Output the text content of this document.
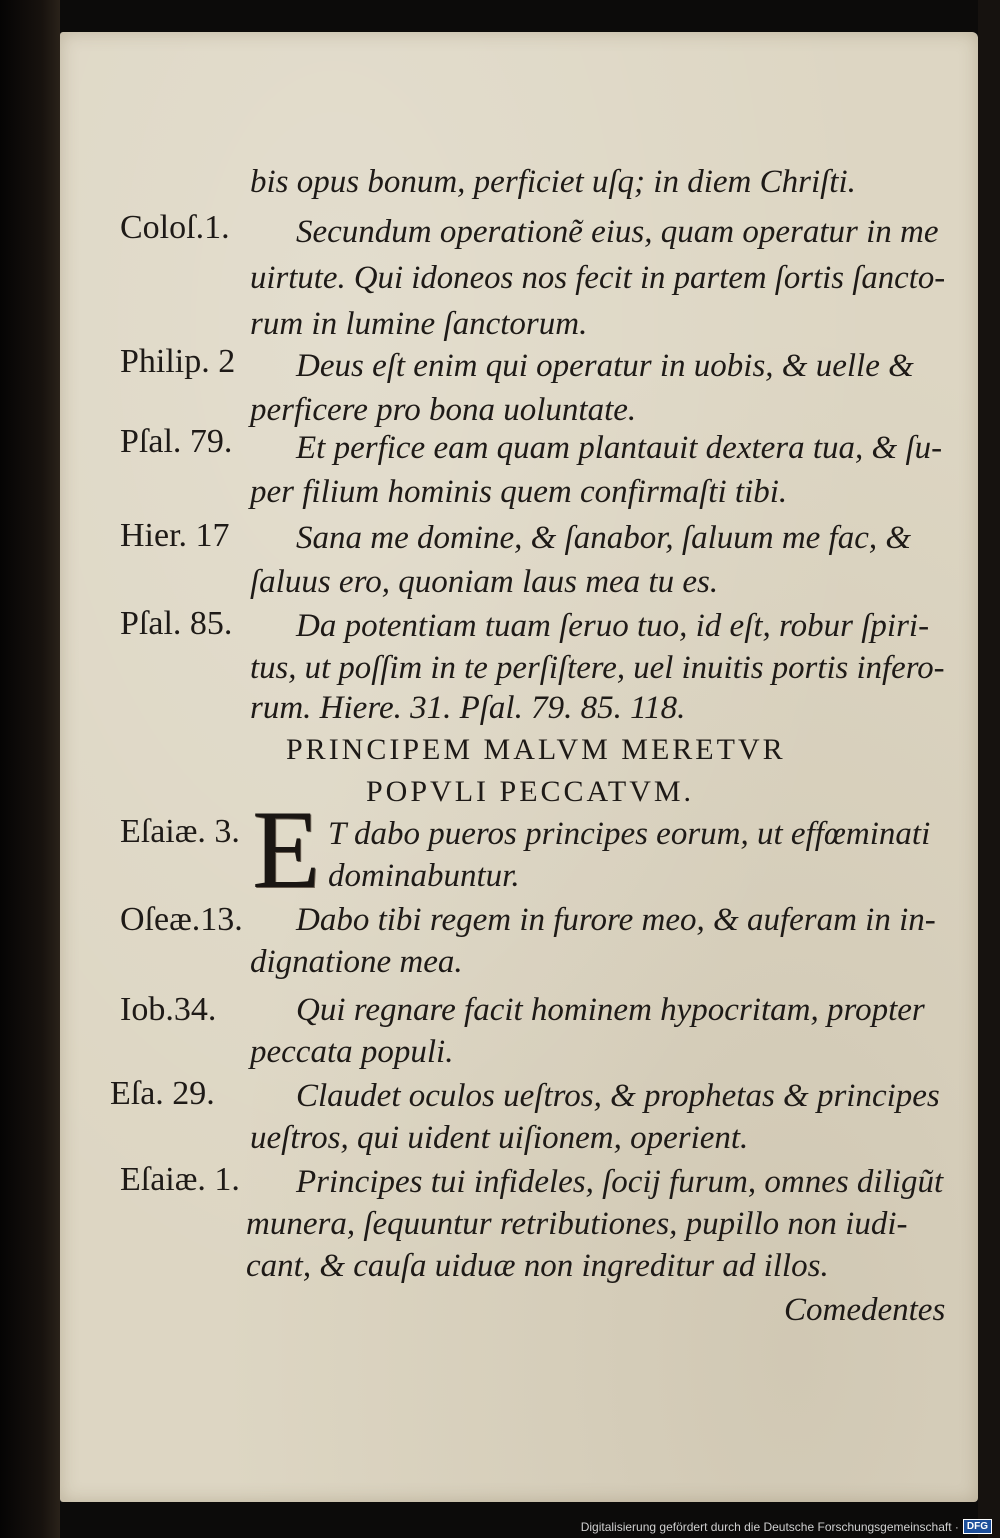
bis opus bonum, perficiet uſq; in diem Chriſti.
Coloſ.1. Secundum operationẽ eius, quam operatur in me
uirtute. Qui idoneos nos fecit in partem ſortis ſancto-
rum in lumine ſanctorum.
Philip. 2 Deus eſt enim qui operatur in uobis, & uelle &
perficere pro bona uoluntate.
Pſal. 79. Et perfice eam quam plantauit dextera tua, & ſu-
per filium hominis quem confirmaſti tibi.
Hier. 17 Sana me domine, & ſanabor, ſaluum me fac, &
ſaluus ero, quoniam laus mea tu es.
Pſal. 85. Da potentiam tuam ſeruo tuo, id eſt, robur ſpiri-
tus, ut poſſim in te perſiſtere, uel inuitis portis infero-
rum. Hiere. 31. Pſal. 79. 85. 118.
PRINCIPEM MALVM MERETVR
POPVLI PECCATVM.
Eſaiæ. 3. E T dabo pueros principes eorum, ut effœminati
dominabuntur.
Oſeæ.13. Dabo tibi regem in furore meo, & auferam in in-
dignatione mea.
Iob.34. Qui regnare facit hominem hypocritam, propter
peccata populi.
Eſa. 29. Claudet oculos ueſtros, & prophetas & principes
ueſtros, qui uident uiſionem, operient.
Eſaiæ. 1. Principes tui infideles, ſocij furum, omnes diligũt
munera, ſequuntur retributiones, pupillo non iudi-
cant, & cauſa uiduæ non ingreditur ad illos.
Comedentes
Digitalisierung gefördert durch die Deutsche Forschungsgemeinschaft · DFG
